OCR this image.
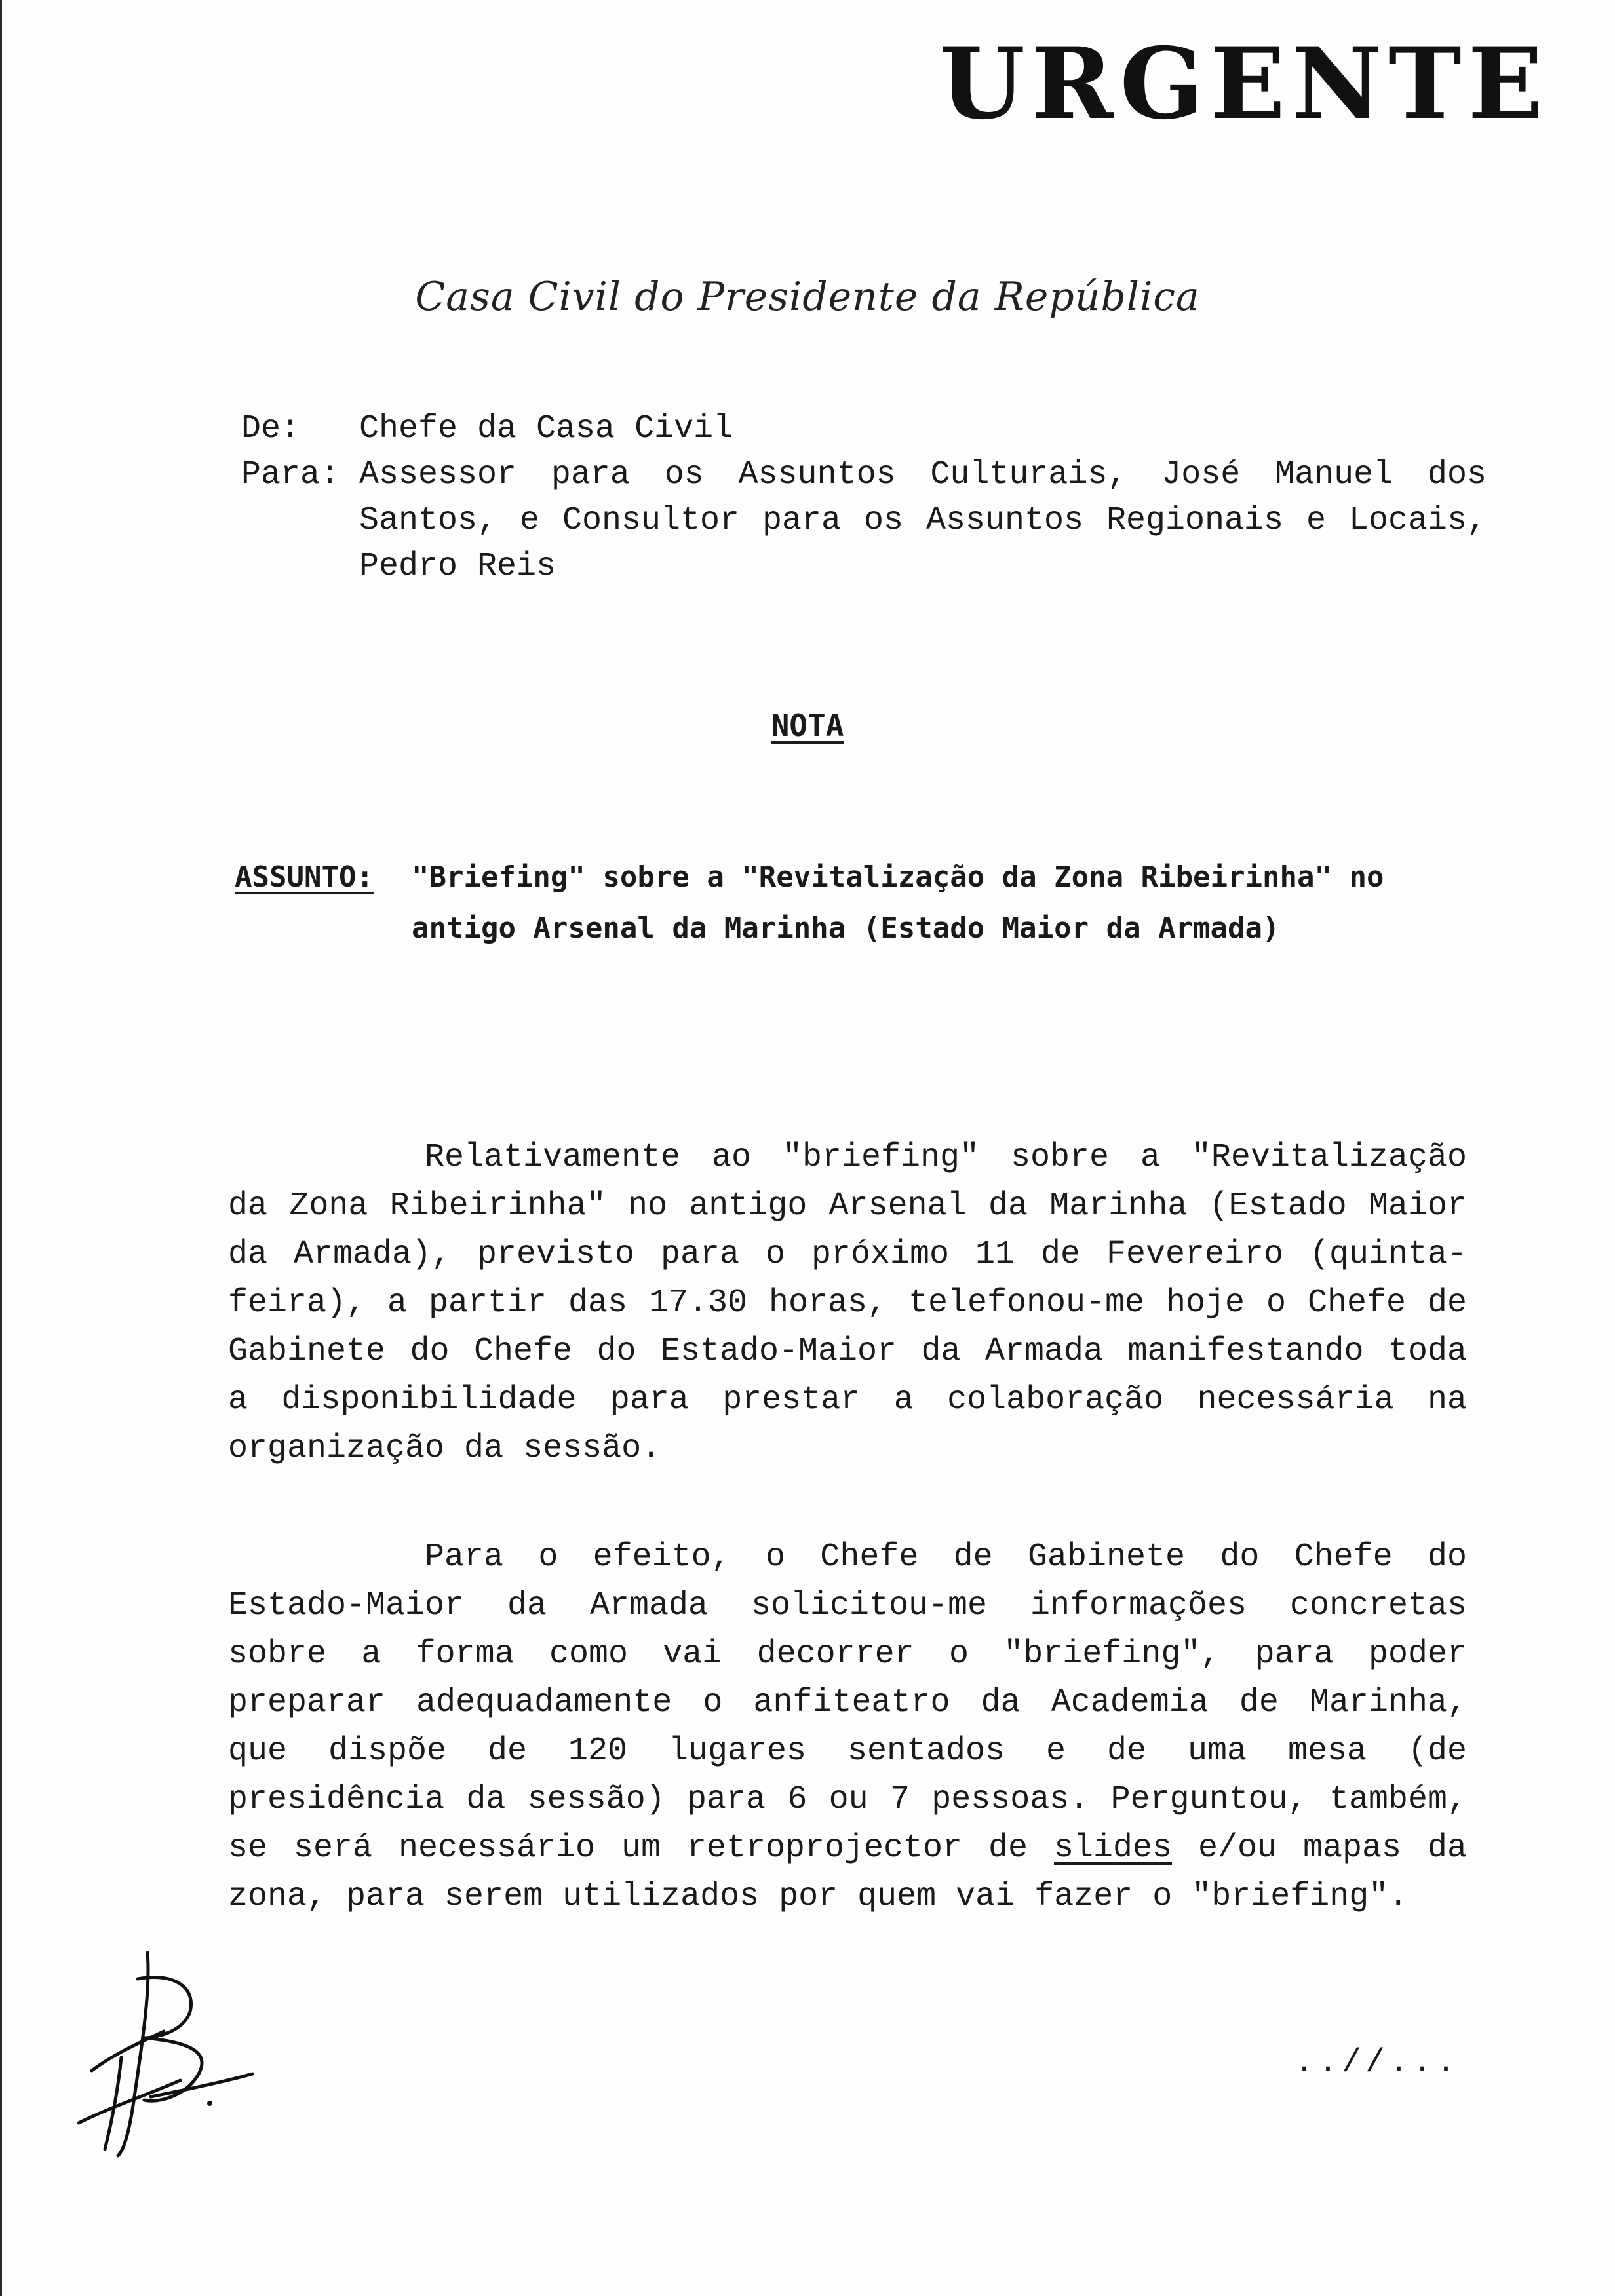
URGENTE
Casa Civil do Presidente da República
De:	Chefe da Casa Civil
Para: Assessor para os Assuntos Culturais, José Manuel dos Santos, e Consultor para os Assuntos Regionais e Locais, Pedro Reis
NOTA
ASSUNTO:	"Briefing" sobre a "Revitalização da Zona Ribeirinha" no antigo Arsenal da Marinha (Estado Maior da Armada)

Relativamente ao "briefing" sobre a "Revitalização da Zona Ribeirinha" no antigo Arsenal da Marinha (Estado Maior da Armada), previsto para o próximo 11 de Fevereiro (quinta-feira), a partir das 17.30 horas, telefonou-me hoje o Chefe de Gabinete do Chefe do Estado-Maior da Armada manifestando toda a disponibilidade para prestar a colaboração necessária na organização da sessão.

Para o efeito, o Chefe de Gabinete do Chefe do Estado-Maior da Armada solicitou-me informações concretas sobre a forma como vai decorrer o "briefing", para poder preparar adequadamente o anfiteatro da Academia de Marinha, que dispõe de 120 lugares sentados e de uma mesa (de presidência da sessão) para 6 ou 7 pessoas. Perguntou, também, se será necessário um retroprojector de slides e/ou mapas da zona, para serem utilizados por quem vai fazer o "briefing".

..//...
